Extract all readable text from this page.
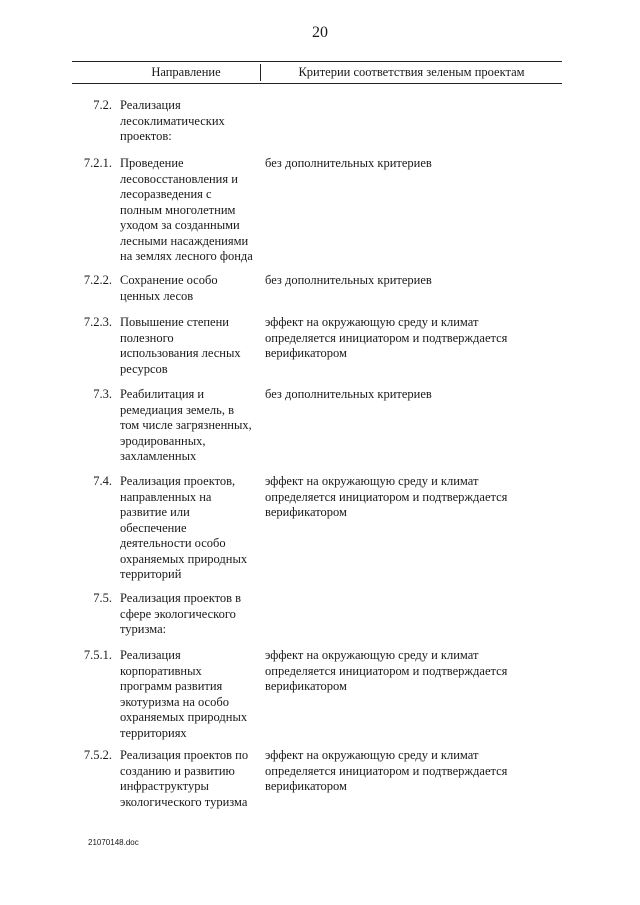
20
Направление	Критерии соответствия зеленым проектам
7.2. Реализация
лесоклиматических
проектов:
7.2.1. Проведение
лесовосстановления и
лесоразведения с
полным многолетним
уходом за созданными
лесными насаждениями
на землях лесного фонда
без дополнительных критериев
7.2.2. Сохранение особо
ценных лесов
без дополнительных критериев
7.2.3. Повышение степени
полезного
использования лесных
ресурсов
эффект на окружающую среду и климат
определяется инициатором и подтверждается
верификатором
7.3. Реабилитация и
ремедиация земель, в
том числе загрязненных,
эродированных,
захламленных
без дополнительных критериев
7.4. Реализация проектов,
направленных на
развитие или
обеспечение
деятельности особо
охраняемых природных
территорий
эффект на окружающую среду и климат
определяется инициатором и подтверждается
верификатором
7.5. Реализация проектов в
сфере экологического
туризма:
7.5.1. Реализация
корпоративных
программ развития
экотуризма на особо
охраняемых природных
территориях
эффект на окружающую среду и климат
определяется инициатором и подтверждается
верификатором
7.5.2. Реализация проектов по
созданию и развитию
инфраструктуры
экологического туризма
эффект на окружающую среду и климат
определяется инициатором и подтверждается
верификатором
21070148.doc
